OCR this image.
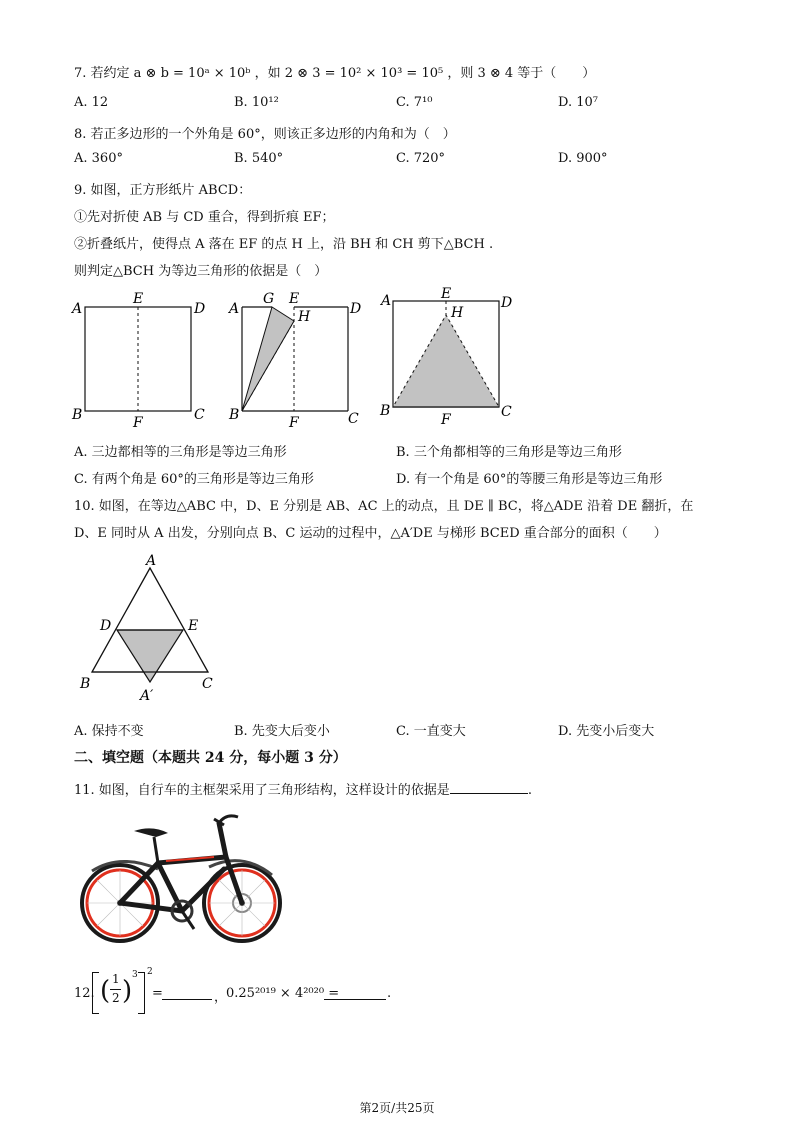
7. 若约定 a ⊗ b = 10ᵃ × 10ᵇ ，如 2 ⊗ 3 = 10² × 10³ = 10⁵ ，则 3 ⊗ 4 等于（　　）
A. 12	B. 10¹²	C. 7¹⁰	D. 10⁷
8. 若正多边形的一个外角是 60°，则该正多边形的内角和为（　）
A. 360°	B. 540°	C. 720°	D. 900°
9. 如图，正方形纸片 ABCD：
①先对折使 AB 与 CD 重合，得到折痕 EF；
②折叠纸片，使得点 A 落在 EF 的点 H 上，沿 BH 和 CH 剪下△BCH .
则判定△BCH 为等边三角形的依据是（　）
A
E
D
B	F	C
A
G E
H	D
B	F	C
A	E
H
D
B
F	C
A. 三边都相等的三角形是等边三角形	B. 三个角都相等的三角形是等边三角形
C. 有两个角是 60°的三角形是等边三角形	D. 有一个角是 60°的等腰三角形是等边三角形
10. 如图，在等边△ABC 中，D、E 分别是 AB、AC 上的动点，且 DE ∥ BC，将△ADE 沿着 DE 翻折，在
D、E 同时从 A 出发，分别向点 B、C 运动的过程中，△A′DE 与梯形 BCED 重合部分的面积（　　）
A
D	E
B
A′
C
A. 保持不变	B. 先变大后变小	C. 一直变大	D. 先变小后变大
二、填空题（本题共 24 分，每小题 3 分）
11. 如图，自行车的主框架采用了三角形结构，这样设计的依据是	.
12. ( 1
2 )
3 2
=	，
0.25²⁰¹⁹ × 4²⁰²⁰ =	.
第2页/共25页
